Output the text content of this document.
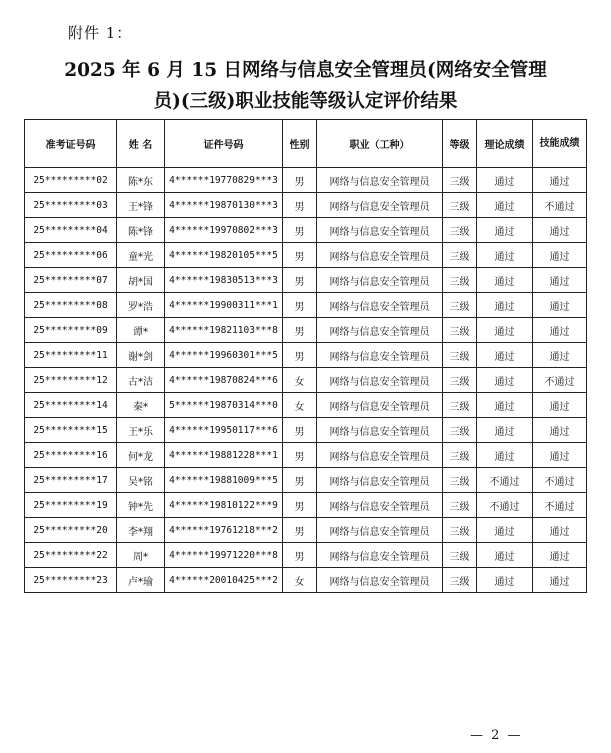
附件 1：
2025 年 6 月 15 日网络与信息安全管理员(网络安全管理
员)(三级)职业技能等级认定评价结果
准考证号码	姓 名	证件号码	性别	职业（工种）	等级	理论成绩	技能成绩
25*********02	陈*东	4******19770829***3	男	网络与信息安全管理员	三级	通过	通过
25*********03	王*锋	4******19870130***3	男	网络与信息安全管理员	三级	通过	不通过
25*********04	陈*锋	4******19970802***3	男	网络与信息安全管理员	三级	通过	通过
25*********06	童*光	4******19820105***5	男	网络与信息安全管理员	三级	通过	通过
25*********07	胡*国	4******19830513***3	男	网络与信息安全管理员	三级	通过	通过
25*********08	罗*浩	4******19900311***1	男	网络与信息安全管理员	三级	通过	通过
25*********09	谭*	4******19821103***8	男	网络与信息安全管理员	三级	通过	通过
25*********11	谢*剑	4******19960301***5	男	网络与信息安全管理员	三级	通过	通过
25*********12	古*洁	4******19870824***6	女	网络与信息安全管理员	三级	通过	不通过
25*********14	秦*	5******19870314***0	女	网络与信息安全管理员	三级	通过	通过
25*********15	王*乐	4******19950117***6	男	网络与信息安全管理员	三级	通过	通过
25*********16	何*龙	4******19881228***1	男	网络与信息安全管理员	三级	通过	通过
25*********17	吴*铭	4******19881009***5	男	网络与信息安全管理员	三级	不通过	不通过
25*********19	钟*先	4******19810122***9	男	网络与信息安全管理员	三级	不通过	不通过
25*********20	李*翔	4******19761218***2	男	网络与信息安全管理员	三级	通过	通过
25*********22	周*	4******19971220***8	男	网络与信息安全管理员	三级	通过	通过
25*********23	卢*瑜	4******20010425***2	女	网络与信息安全管理员	三级	通过	通过
— 2 —
